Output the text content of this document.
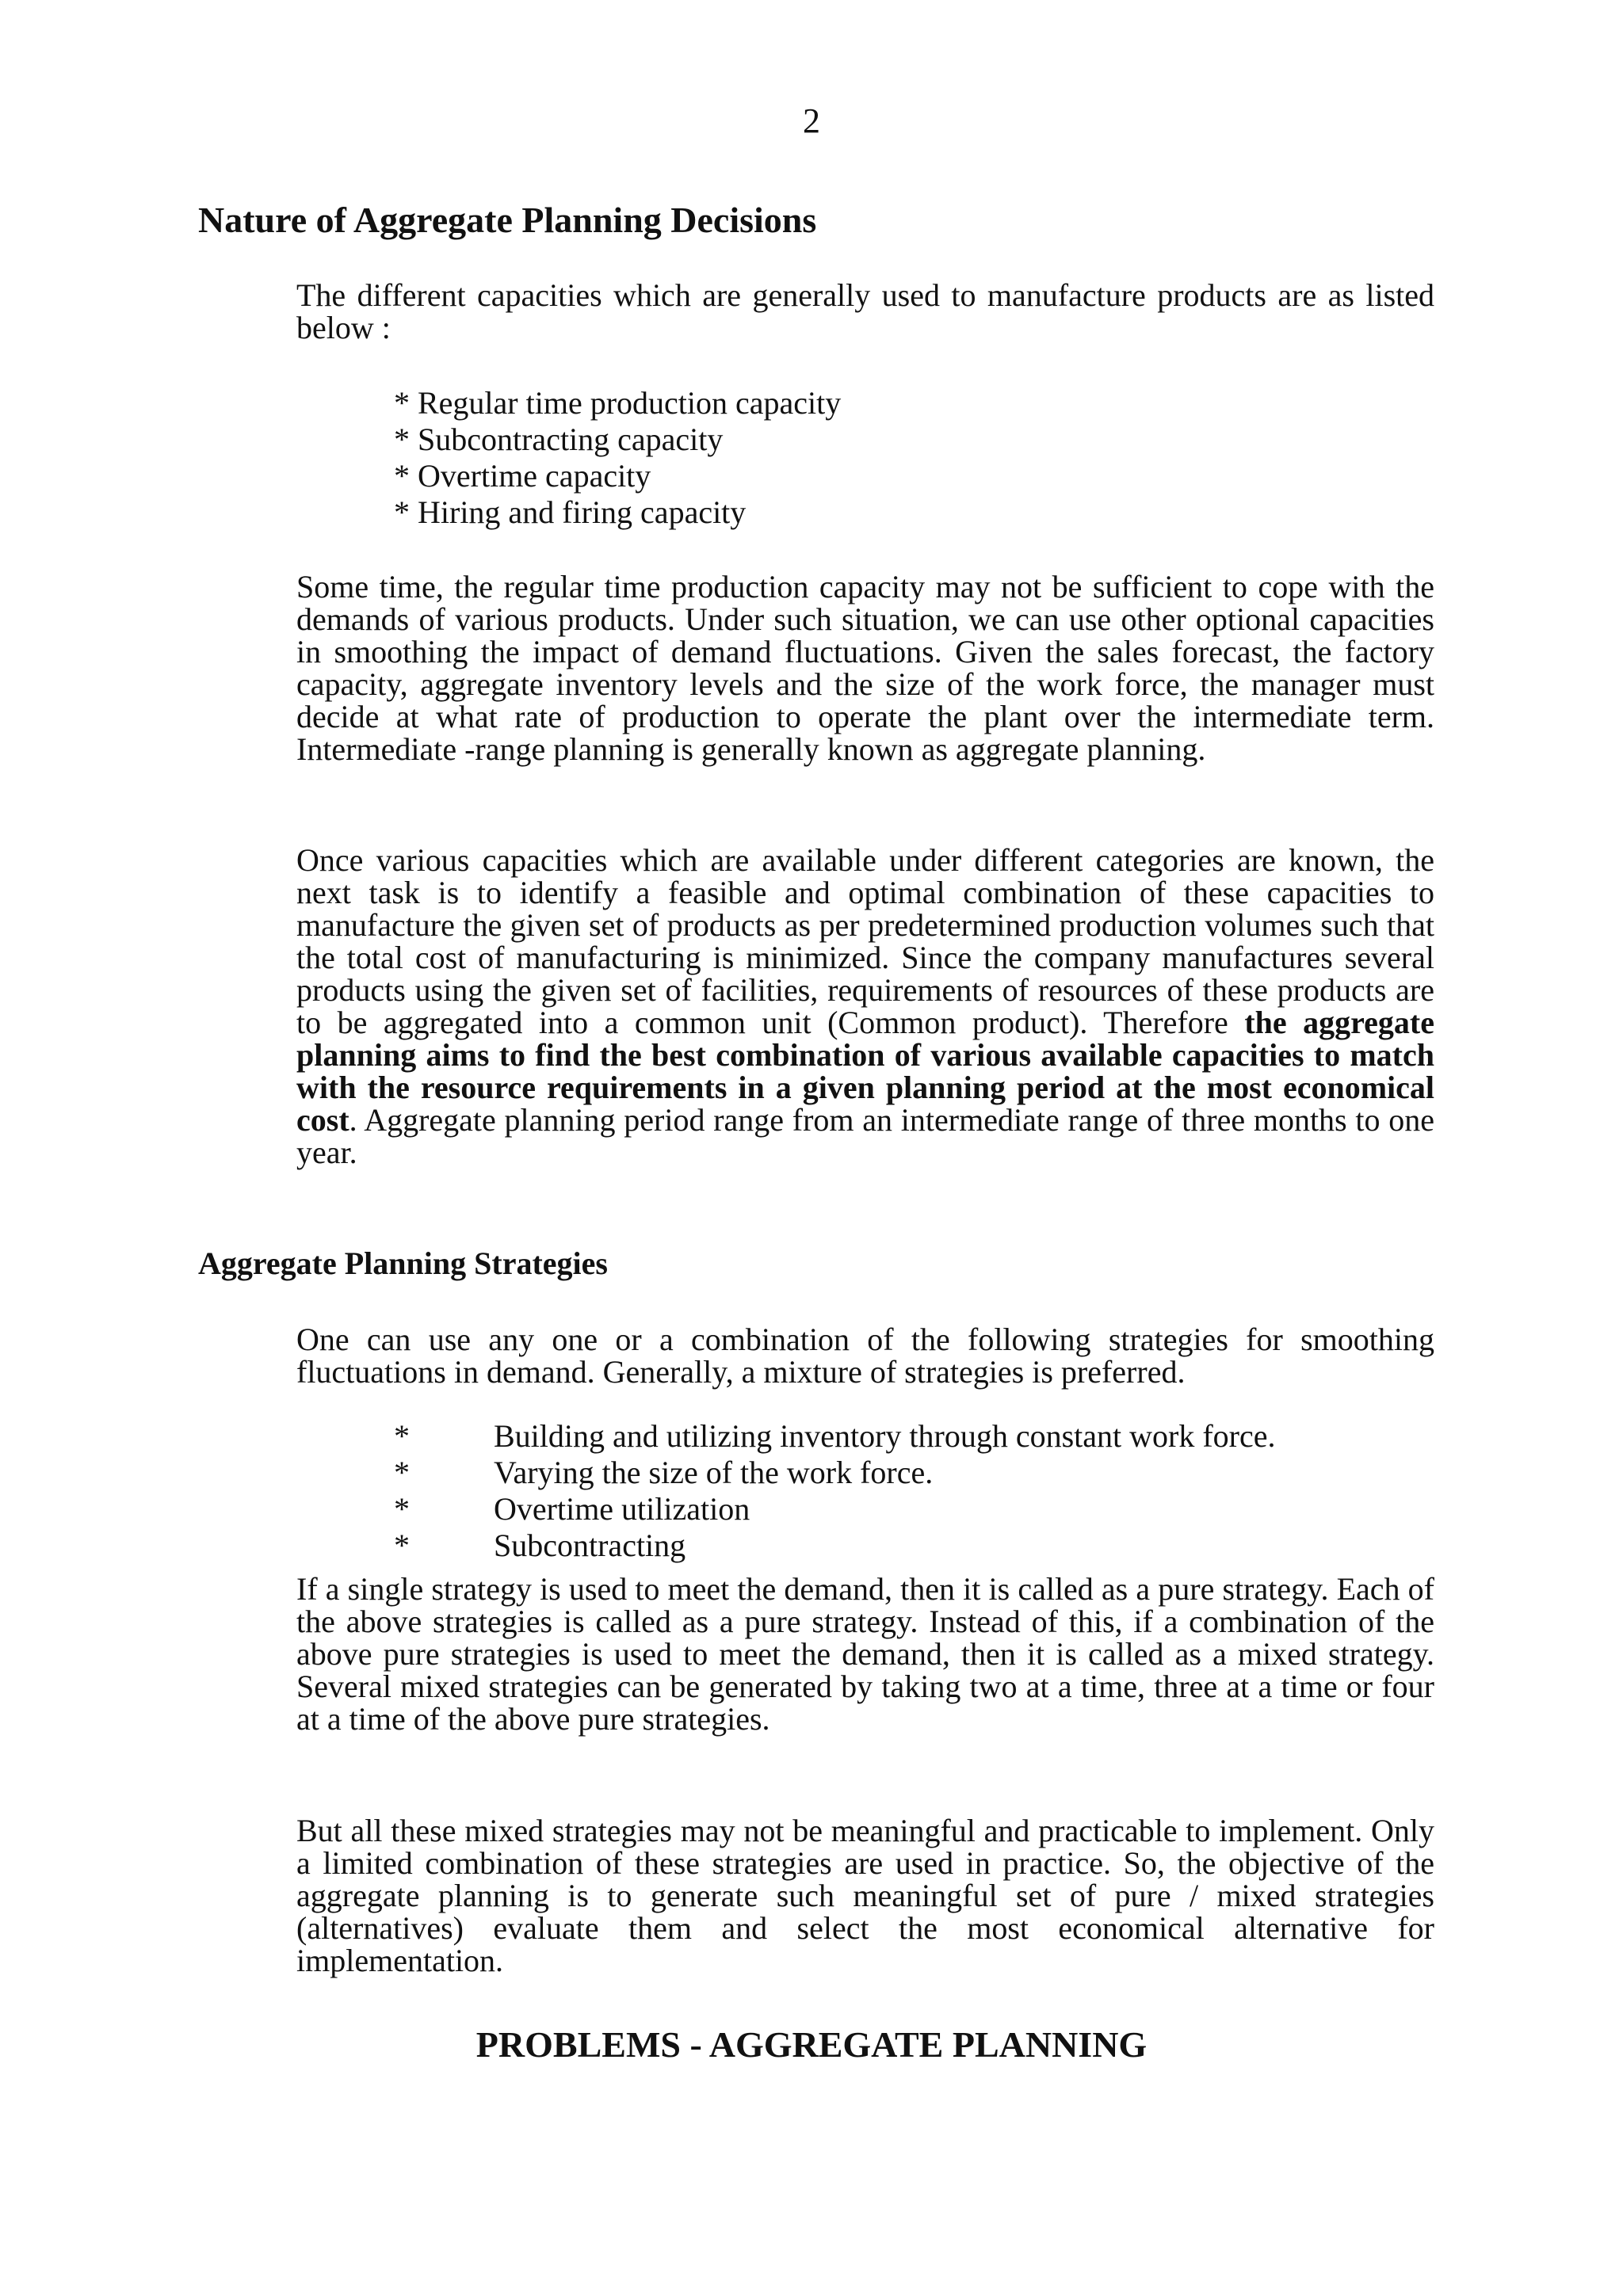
2
Nature of Aggregate Planning Decisions

The different capacities which are generally used to manufacture products are as listed below :

* Regular time production capacity
* Subcontracting capacity
* Overtime capacity
* Hiring and firing capacity

Some time, the regular time production capacity may not be sufficient to cope with the demands of various products. Under such situation, we can use other optional capacities in smoothing the impact of demand fluctuations. Given the sales forecast, the factory capacity, aggregate inventory levels and the size of the work force, the manager must decide at what rate of production to operate the plant over the intermediate term. Intermediate -range planning is generally known as aggregate planning.

Once various capacities which are available under different categories are known, the next task is to identify a feasible and optimal combination of these capacities to manufacture the given set of products as per predetermined production volumes such that the total cost of manufacturing is minimized. Since the company manufactures several products using the given set of facilities, requirements of resources of these products are to be aggregated into a common unit (Common product). Therefore the aggregate planning aims to find the best combination of various available capacities to match with the resource requirements in a given planning period at the most economical cost. Aggregate planning period range from an intermediate range of three months to one year.

Aggregate Planning Strategies

One can use any one or a combination of the following strategies for smoothing fluctuations in demand. Generally, a mixture of strategies is preferred.

*	Building and utilizing inventory through constant work force.
*	Varying the size of the work force.
*	Overtime utilization
*	Subcontracting

If a single strategy is used to meet the demand, then it is called as a pure strategy. Each of the above strategies is called as a pure strategy. Instead of this, if a combination of the above pure strategies is used to meet the demand, then it is called as a mixed strategy. Several mixed strategies can be generated by taking two at a time, three at a time or four at a time of the above pure strategies.

But all these mixed strategies may not be meaningful and practicable to implement. Only a limited combination of these strategies are used in practice. So, the objective of the aggregate planning is to generate such meaningful set of pure / mixed strategies (alternatives) evaluate them and select the most economical alternative for implementation.

PROBLEMS - AGGREGATE PLANNING
